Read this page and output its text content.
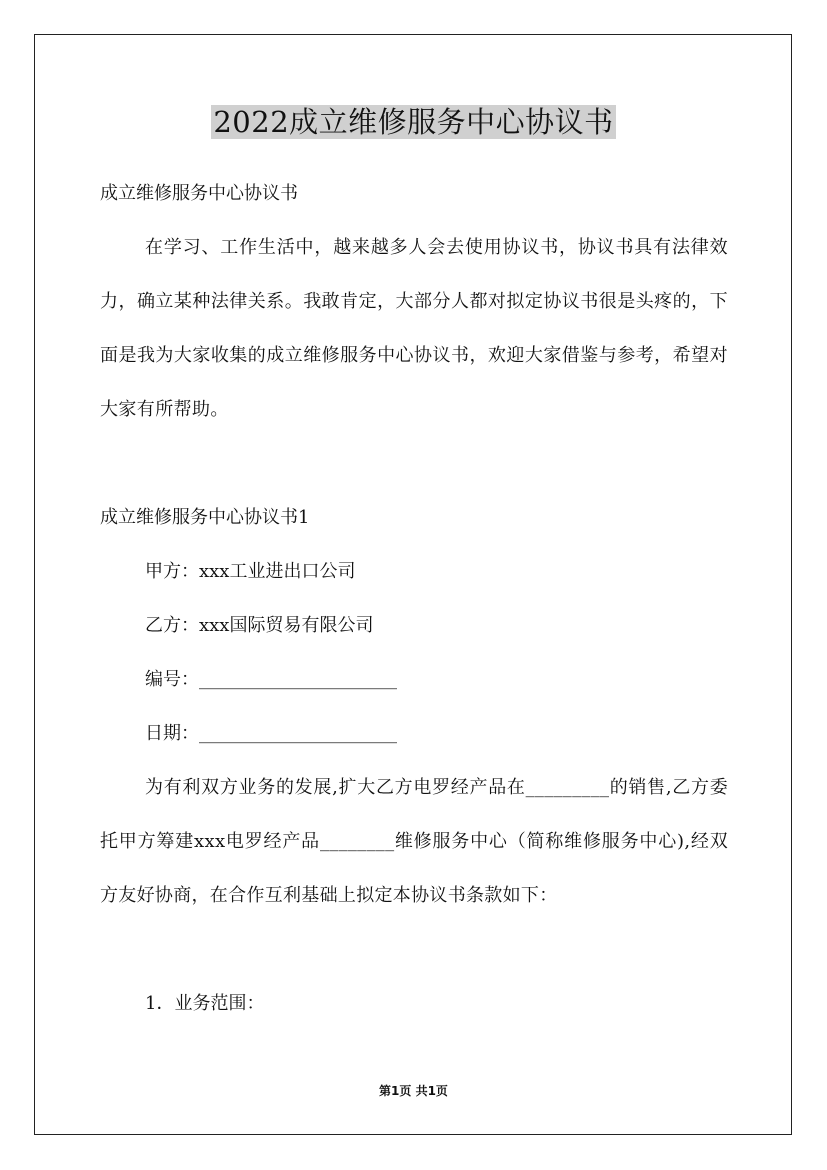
2022成立维修服务中心协议书

成立维修服务中心协议书

在学习、工作生活中，越来越多人会去使用协议书，协议书具有法律效力，确立某种法律关系。我敢肯定，大部分人都对拟定协议书很是头疼的，下面是我为大家收集的成立维修服务中心协议书，欢迎大家借鉴与参考，希望对大家有所帮助。

成立维修服务中心协议书1

甲方：xxx工业进出口公司

乙方：xxx国际贸易有限公司

编号：______________________

日期：______________________

为有利双方业务的发展,扩大乙方电罗经产品在_________的销售,乙方委托甲方筹建xxx电罗经产品________维修服务中心（简称维修服务中心),经双方友好协商，在合作互利基础上拟定本协议书条款如下：

1．业务范围：

第1页 共1页
